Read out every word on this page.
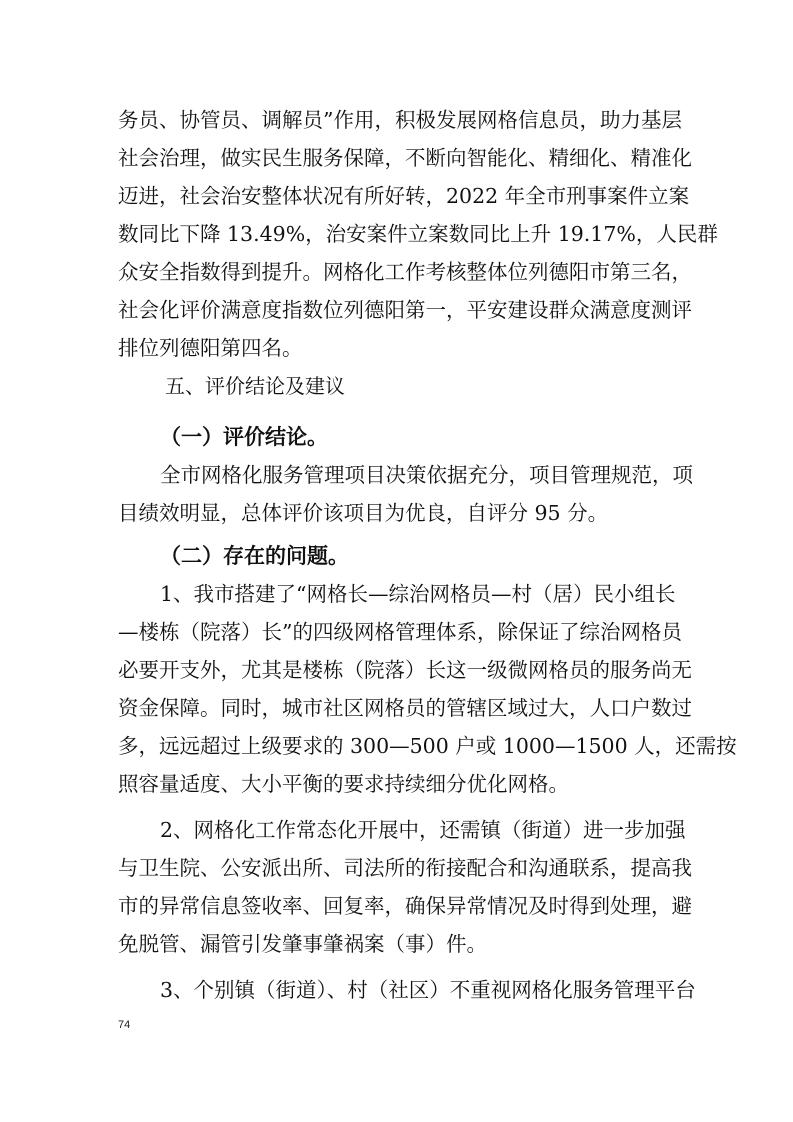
务员、协管员、调解员”作用，积极发展网格信息员，助力基层
社会治理，做实民生服务保障，不断向智能化、精细化、精准化
迈进，社会治安整体状况有所好转，2022 年全市刑事案件立案
数同比下降 13.49%，治安案件立案数同比上升 19.17%，人民群
众安全指数得到提升。网格化工作考核整体位列德阳市第三名，
社会化评价满意度指数位列德阳第一，平安建设群众满意度测评
排位列德阳第四名。
五、评价结论及建议
（一）评价结论。
全市网格化服务管理项目决策依据充分，项目管理规范，项
目绩效明显，总体评价该项目为优良，自评分 95 分。
（二）存在的问题。
1、我市搭建了“网格长—综治网格员—村（居）民小组长
—楼栋（院落）长”的四级网格管理体系，除保证了综治网格员
必要开支外，尤其是楼栋（院落）长这一级微网格员的服务尚无
资金保障。同时，城市社区网格员的管辖区域过大，人口户数过
多，远远超过上级要求的 300—500 户或 1000—1500 人，还需按
照容量适度、大小平衡的要求持续细分优化网格。
2、网格化工作常态化开展中，还需镇（街道）进一步加强
与卫生院、公安派出所、司法所的衔接配合和沟通联系，提高我
市的异常信息签收率、回复率，确保异常情况及时得到处理，避
免脱管、漏管引发肇事肇祸案（事）件。
3、个别镇（街道）、村（社区）不重视网格化服务管理平台
74
